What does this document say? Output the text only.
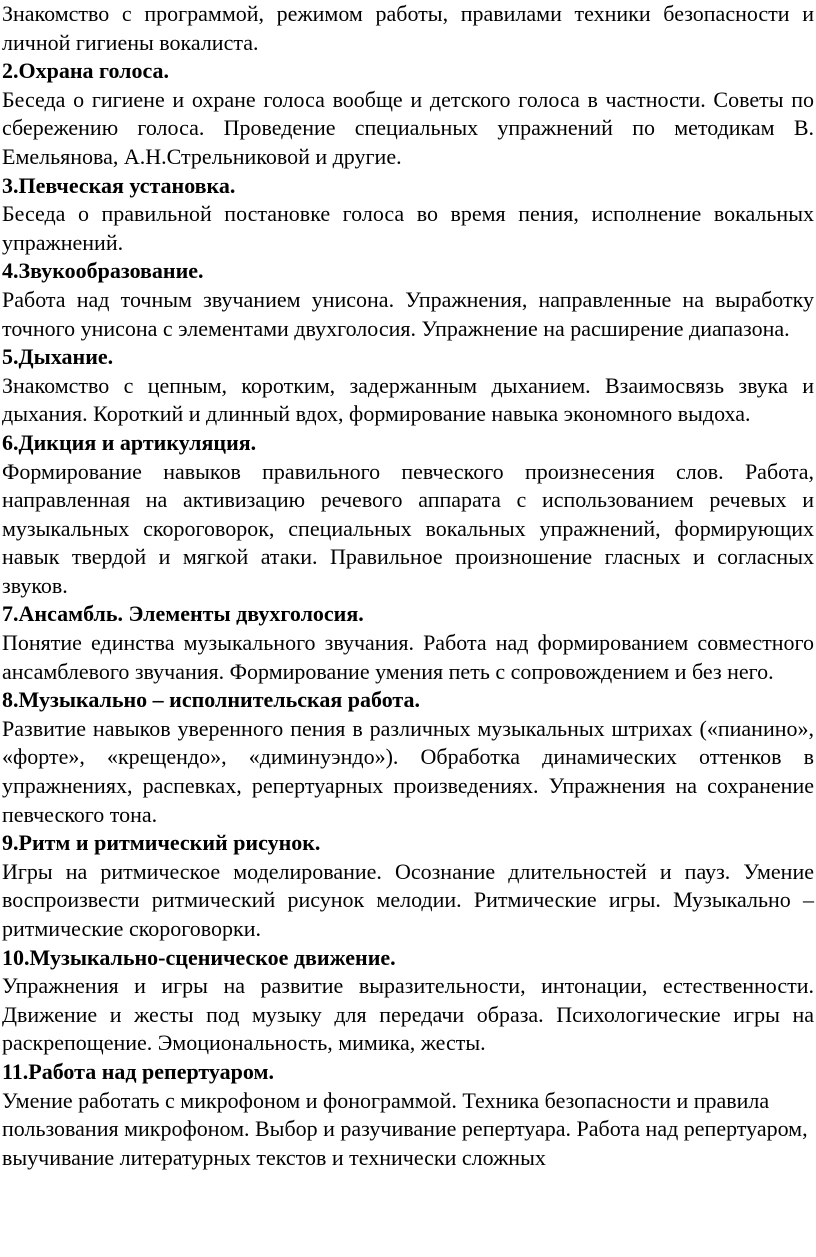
Знакомство с программой, режимом работы, правилами техники безопасности и личной гигиены вокалиста.

2.Охрана голоса.

Беседа о гигиене и охране голоса вообще и детского голоса в частности. Советы по сбережению голоса. Проведение специальных упражнений по методикам В. Емельянова, А.Н.Стрельниковой и другие.

3.Певческая установка.

Беседа о правильной постановке голоса во время пения, исполнение вокальных упражнений.

4.Звукообразование.

Работа над точным звучанием унисона. Упражнения, направленные на выработку точного унисона с элементами двухголосия. Упражнение на расширение диапазона.

5.Дыхание.

Знакомство с цепным, коротким, задержанным дыханием. Взаимосвязь звука и дыхания. Короткий и длинный вдох, формирование навыка экономного выдоха.

6.Дикция и артикуляция.

Формирование навыков правильного певческого произнесения слов. Работа, направленная на активизацию речевого аппарата с использованием речевых и музыкальных скороговорок, специальных вокальных упражнений, формирующих навык твердой и мягкой атаки. Правильное произношение гласных и согласных звуков.

7.Ансамбль. Элементы двухголосия.

Понятие единства музыкального звучания. Работа над формированием совместного ансамблевого звучания. Формирование умения петь с сопровождением и без него.

8.Музыкально – исполнительская работа.

Развитие навыков уверенного пения в различных музыкальных штрихах («пианино», «форте», «крещендо», «диминуэндо»). Обработка динамических оттенков в упражнениях, распевках, репертуарных произведениях. Упражнения на сохранение певческого тона.

9.Ритм и ритмический рисунок.

Игры на ритмическое моделирование. Осознание длительностей и пауз. Умение воспроизвести ритмический рисунок мелодии. Ритмические игры. Музыкально – ритмические скороговорки.

10.Музыкально-сценическое движение.

Упражнения и игры на развитие выразительности, интонации, естественности. Движение и жесты под музыку для передачи образа. Психологические игры на раскрепощение. Эмоциональность, мимика, жесты.

11.Работа над репертуаром.

Умение работать с микрофоном и фонограммой. Техника безопасности и правила пользования микрофоном. Выбор и разучивание репертуара. Работа над репертуаром, выучивание литературных текстов и технически сложных
